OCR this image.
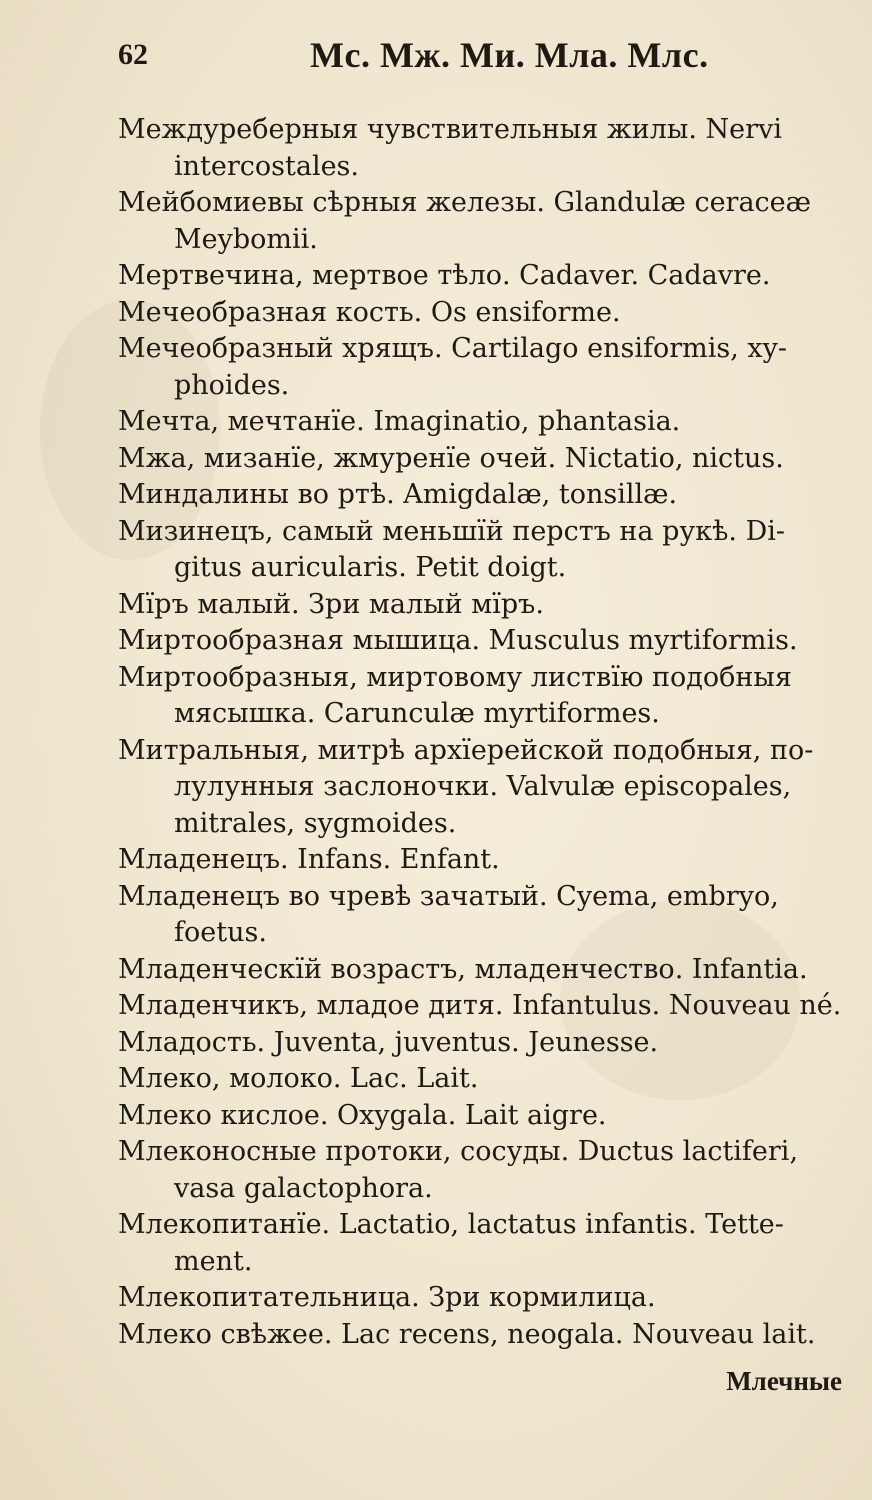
62	Мс. Мж. Ми. Мла. Млс.
Междуреберныя чувствительныя жилы. Nervi
intercostales.
Мейбомиевы сѣрныя железы. Glandulæ ceraceæ
Meybomii.
Мертвечина, мертвое тѣло. Cadaver. Cadavre.
Мечеобразная кость. Os ensiforme.
Мечеобразный хрящъ. Cartilago ensiformis, xy-
phoides.
Мечта, мечтанїе. Imaginatio, phantasia.
Мжа, мизанїе, жмуренїе очей. Nictatio, nictus.
Миндалины во ртѣ. Amigdalæ, tonsillæ.
Мизинецъ, самый меньшїй перстъ на рукѣ. Di-
gitus auricularis. Petit doigt.
Мїръ малый. Зри малый мїръ.
Миртообразная мышица. Musculus myrtiformis.
Миртообразныя, миртовому листвїю подобныя
мясышка. Carunculæ myrtiformes.
Митральныя, митрѣ архїерейской подобныя, по-
лулунныя заслоночки. Valvulæ episcopales,
mitrales, sygmoides.
Младенецъ. Infans. Enfant.
Младенецъ во чревѣ зачатый. Cyema, embryo,
foetus.
Младенческїй возрастъ, младенчество. Infantia.
Младенчикъ, младое дитя. Infantulus. Nouveau né.
Младость. Juventa, juventus. Jeunesse.
Млеко, молоко. Lac. Lait.
Млеко кислое. Oxygala. Lait aigre.
Млеконосные протоки, сосуды. Ductus lactiferi,
vasa galactophora.
Млекопитанїе. Lactatio, lactatus infantis. Tette-
ment.
Млекопитательница. Зри кормилица.
Млеко свѣжее. Lac recens, neogala. Nouveau lait.
Млечные
